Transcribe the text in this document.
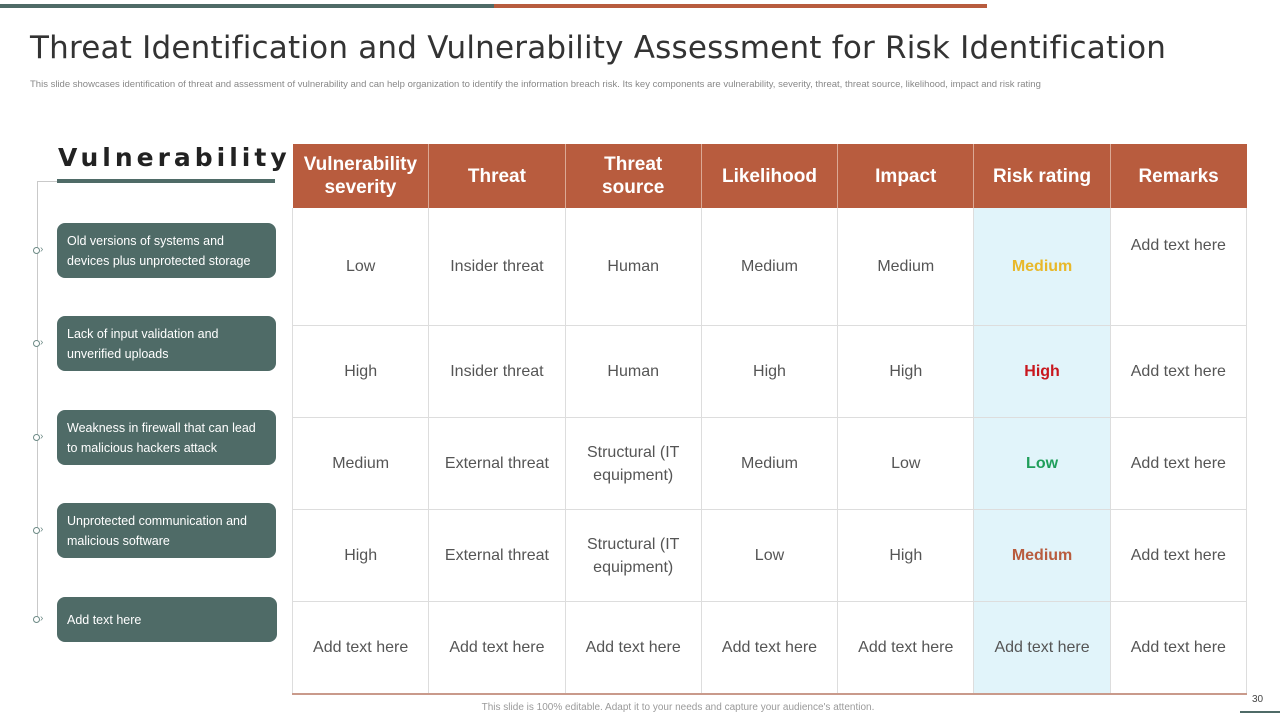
Threat Identification and Vulnerability Assessment for Risk Identification

This slide showcases identification of threat and assessment of vulnerability and can help organization to identify the information breach risk. Its key components are vulnerability, severity, threat, threat source, likelihood, impact and risk rating

Vulnerability
›
Old versions of systems and devices plus unprotected storage
›
Lack of input validation and unverified uploads
›
Weakness in firewall that can lead to malicious hackers attack
›
Unprotected communication and malicious software
›	Add text here
Vulnerability severity	Threat	Threat source	Likelihood	Impact	Risk rating	Remarks
Low	Insider threat	Human	Medium	Medium	Medium	Add text here
High	Insider threat	Human	High	High	High	Add text here
Medium	External threat	Structural (IT equipment)	Medium	Low	Low	Add text here
High	External threat	Structural (IT equipment)	Low	High	Medium	Add text here
Add text here	Add text here	Add text here	Add text here	Add text here	Add text here	Add text here
This slide is 100% editable. Adapt it to your needs and capture your audience's attention.
30
